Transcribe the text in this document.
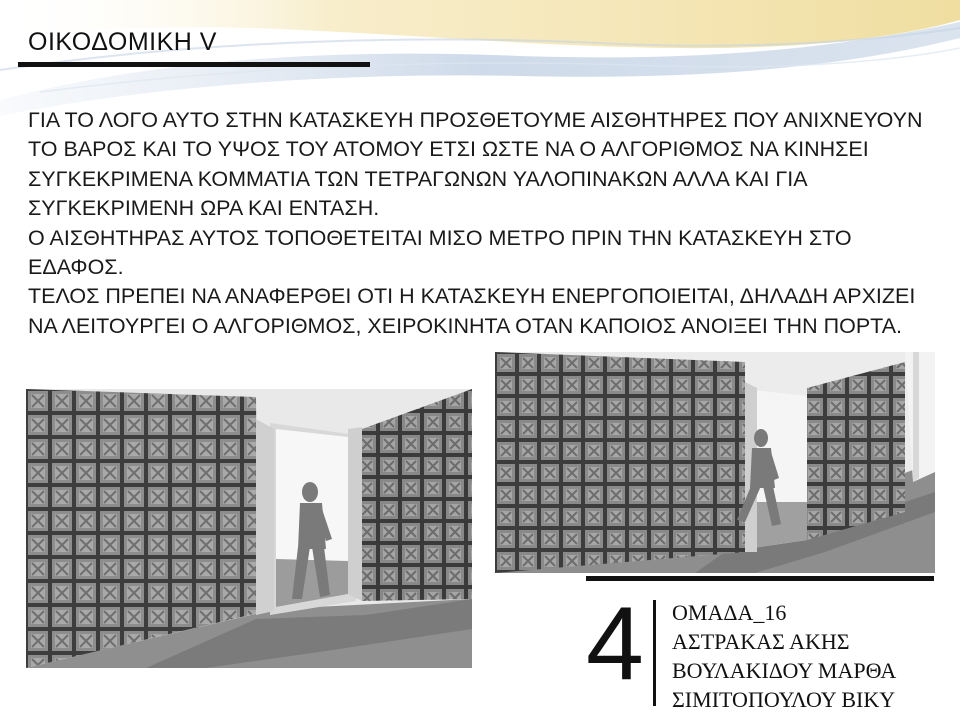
ΟΙΚΟΔΟΜΙΚΗ V

ΓΙΑ ΤΟ ΛΟΓΟ ΑΥΤΟ ΣΤΗΝ ΚΑΤΑΣΚΕΥΗ ΠΡΟΣΘΕΤΟΥΜΕ ΑΙΣΘΗΤΗΡΕΣ ΠΟΥ ΑΝΙΧΝΕΥΟΥΝ ΤΟ ΒΑΡΟΣ ΚΑΙ ΤΟ ΥΨΟΣ ΤΟΥ ΑΤΟΜΟΥ ΕΤΣΙ ΩΣΤΕ ΝΑ Ο ΑΛΓΟΡΙΘΜΟΣ ΝΑ ΚΙΝΗΣΕΙ ΣΥΓΚΕΚΡΙΜΕΝΑ ΚΟΜΜΑΤΙΑ ΤΩΝ ΤΕΤΡΑΓΩΝΩΝ ΥΑΛΟΠΙΝΑΚΩΝ ΑΛΛΑ ΚΑΙ ΓΙΑ ΣΥΓΚΕΚΡΙΜΕΝΗ ΩΡΑ ΚΑΙ ΕΝΤΑΣΗ.

Ο ΑΙΣΘΗΤΗΡΑΣ ΑΥΤΟΣ ΤΟΠΟΘΕΤΕΙΤΑΙ ΜΙΣΟ ΜΕΤΡΟ ΠΡΙΝ ΤΗΝ ΚΑΤΑΣΚΕΥΗ ΣΤΟ ΕΔΑΦΟΣ.

ΤΕΛΟΣ ΠΡΕΠΕΙ ΝΑ ΑΝΑΦΕΡΘΕΙ ΟΤΙ Η ΚΑΤΑΣΚΕΥΗ ΕΝΕΡΓΟΠΟΙΕΙΤΑΙ, ΔΗΛΑΔΗ ΑΡΧΙΖΕΙ ΝΑ ΛΕΙΤΟΥΡΓΕΙ Ο ΑΛΓΟΡΙΘΜΟΣ, ΧΕΙΡΟΚΙΝΗΤΑ ΟΤΑΝ ΚΑΠΟΙΟΣ ΑΝΟΙΞΕΙ ΤΗΝ ΠΟΡΤΑ.

4 ΟΜΑΔΑ_16
ΑΣΤΡΑΚΑΣ ΑΚΗΣ
ΒΟΥΛΑΚΙΔΟΥ ΜΑΡΘΑ
ΣΙΜΙΤΟΠΟΥΛΟΥ ΒΙΚΥ
